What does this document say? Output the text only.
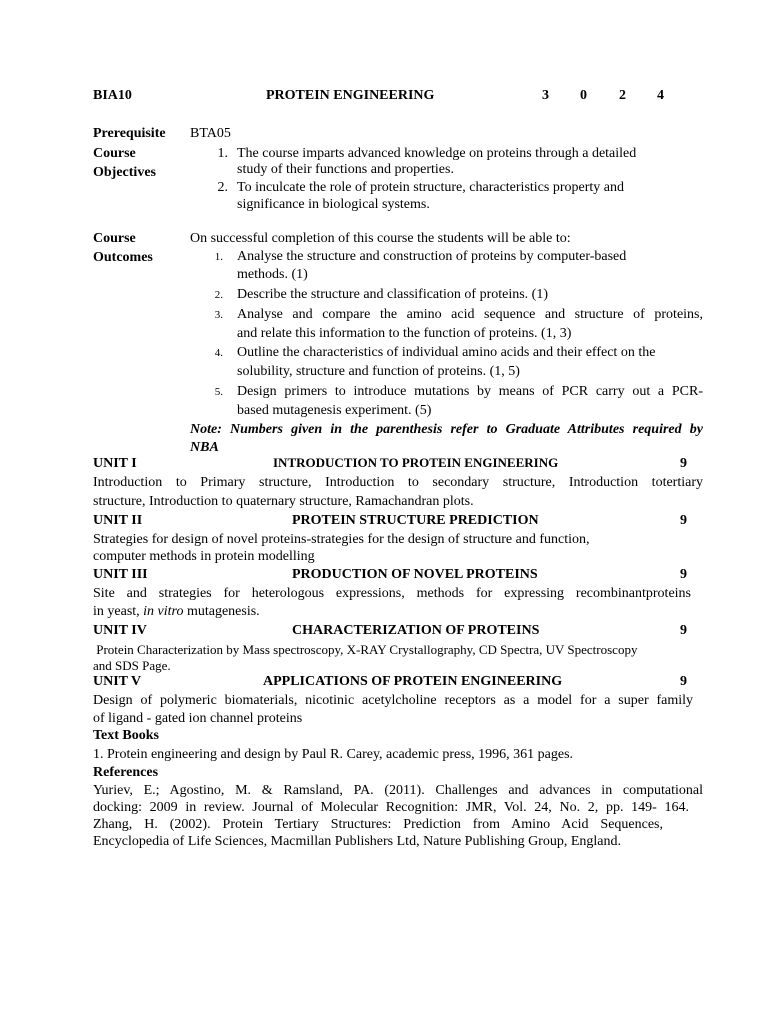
BIA10	PROTEIN ENGINEERING	3 0 2 4
Prerequisite BTA05
Course
Objectives
1. The course imparts advanced knowledge on proteins through a detailed
study of their functions and properties.
2. To inculcate the role of protein structure, characteristics property and
significance in biological systems.
Course
Outcomes
On successful completion of this course the students will be able to:
1. Analyse the structure and construction of proteins by computer-based
methods. (1)
2. Describe the structure and classification of proteins. (1)
3. Analyse and compare the amino acid sequence and structure of proteins,
and relate this information to the function of proteins. (1, 3)
4. Outline the characteristics of individual amino acids and their effect on the
solubility, structure and function of proteins. (1, 5)
5. Design primers to introduce mutations by means of PCR carry out a PCR-
based mutagenesis experiment. (5)
Note: Numbers given in the parenthesis refer to Graduate Attributes required by
NBA
UNIT I	INTRODUCTION TO PROTEIN ENGINEERING	9
Introduction to Primary structure, Introduction to secondary structure, Introduction totertiary
structure, Introduction to quaternary structure, Ramachandran plots.
UNIT II	PROTEIN STRUCTURE PREDICTION	9
Strategies for design of novel proteins-strategies for the design of structure and function,
computer methods in protein modelling
UNIT III	PRODUCTION OF NOVEL PROTEINS	9
Site and strategies for heterologous expressions, methods for expressing recombinantproteins
in yeast, in vitro mutagenesis.
UNIT IV	CHARACTERIZATION OF PROTEINS	9
Protein Characterization by Mass spectroscopy, X-RAY Crystallography, CD Spectra, UV Spectroscopy
and SDS Page.
UNIT V	APPLICATIONS OF PROTEIN ENGINEERING	9
Design of polymeric biomaterials, nicotinic acetylcholine receptors as a model for a super family
of ligand - gated ion channel proteins
Text Books
1. Protein engineering and design by Paul R. Carey, academic press, 1996, 361 pages.
References
Yuriev, E.; Agostino, M. & Ramsland, PA. (2011). Challenges and advances in computational
docking: 2009 in review. Journal of Molecular Recognition: JMR, Vol. 24, No. 2, pp. 149- 164.
Zhang, H. (2002). Protein Tertiary Structures: Prediction from Amino Acid Sequences,
Encyclopedia of Life Sciences, Macmillan Publishers Ltd, Nature Publishing Group, England.
